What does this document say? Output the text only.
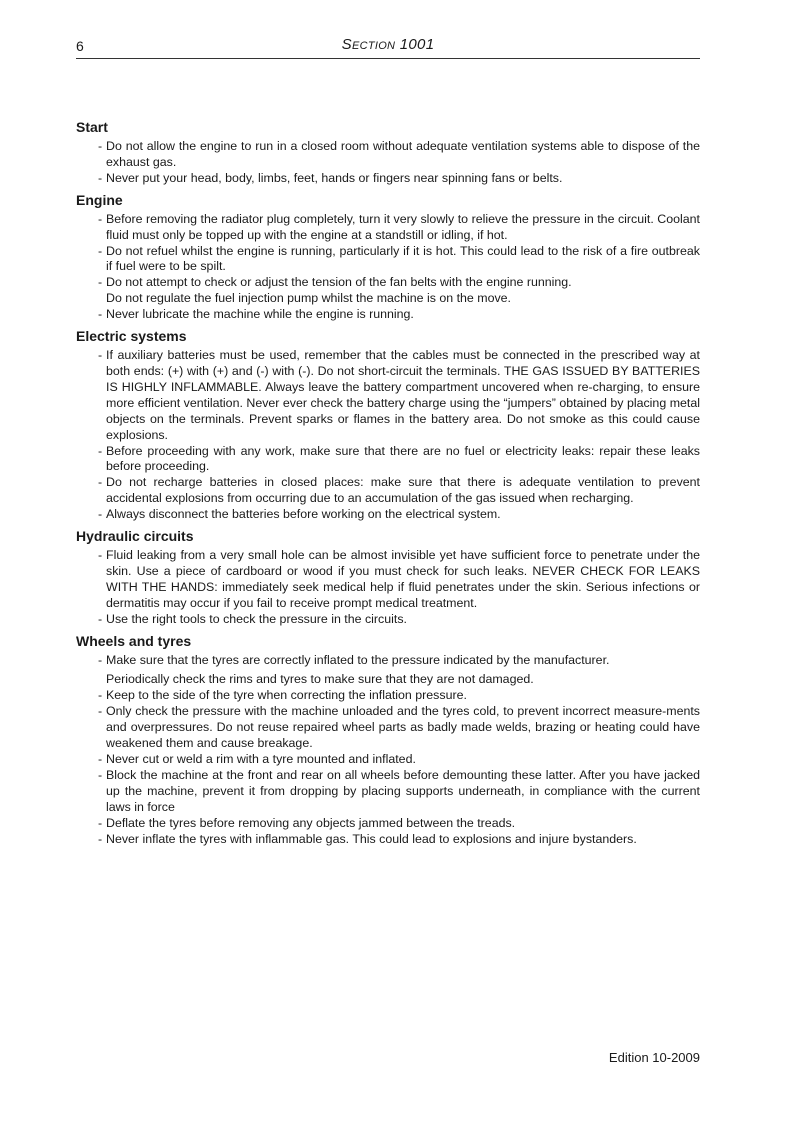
6	Section 1001
Start
- Do not allow the engine to run in a closed room without adequate ventilation systems able to dispose of the exhaust gas.
- Never put your head, body, limbs, feet, hands or fingers near spinning fans or belts.
Engine
- Before removing the radiator plug completely, turn it very slowly to relieve the pressure in the circuit. Coolant fluid must only be topped up with the engine at a standstill or idling, if hot.
- Do not refuel whilst the engine is running, particularly if it is hot. This could lead to the risk of a fire outbreak if fuel were to be spilt.
- Do not attempt to check or adjust the tension of the fan belts with the engine running.
Do not regulate the fuel injection pump whilst the machine is on the move.
- Never lubricate the machine while the engine is running.
Electric systems
- If auxiliary batteries must be used, remember that the cables must be connected in the prescribed way at both ends: (+) with (+) and (-) with (-). Do not short-circuit the terminals. THE GAS ISSUED BY BATTERIES IS HIGHLY INFLAMMABLE. Always leave the battery compartment uncovered when re-charging, to ensure more efficient ventilation. Never ever check the battery charge using the “jumpers” obtained by placing metal objects on the terminals. Prevent sparks or flames in the battery area. Do not smoke as this could cause explosions.
- Before proceeding with any work, make sure that there are no fuel or electricity leaks: repair these leaks before proceeding.
- Do not recharge batteries in closed places: make sure that there is adequate ventilation to prevent accidental explosions from occurring due to an accumulation of the gas issued when recharging.
- Always disconnect the batteries before working on the electrical system.
Hydraulic circuits
- Fluid leaking from a very small hole can be almost invisible yet have sufficient force to penetrate under the skin. Use a piece of cardboard or wood if you must check for such leaks. NEVER CHECK FOR LEAKS WITH THE HANDS: immediately seek medical help if fluid penetrates under the skin. Serious infections or dermatitis may occur if you fail to receive prompt medical treatment.
- Use the right tools to check the pressure in the circuits.
Wheels and tyres
- Make sure that the tyres are correctly inflated to the pressure indicated by the manufacturer.
Periodically check the rims and tyres to make sure that they are not damaged.
- Keep to the side of the tyre when correcting the inflation pressure.
- Only check the pressure with the machine unloaded and the tyres cold, to prevent incorrect measure-ments and overpressures. Do not reuse repaired wheel parts as badly made welds, brazing or heating could have weakened them and cause breakage.
- Never cut or weld a rim with a tyre mounted and inflated.
- Block the machine at the front and rear on all wheels before demounting these latter. After you have jacked up the machine, prevent it from dropping by placing supports underneath, in compliance with the current laws in force
- Deflate the tyres before removing any objects jammed between the treads.
- Never inflate the tyres with inflammable gas. This could lead to explosions and injure bystanders.
Edition 10-2009
